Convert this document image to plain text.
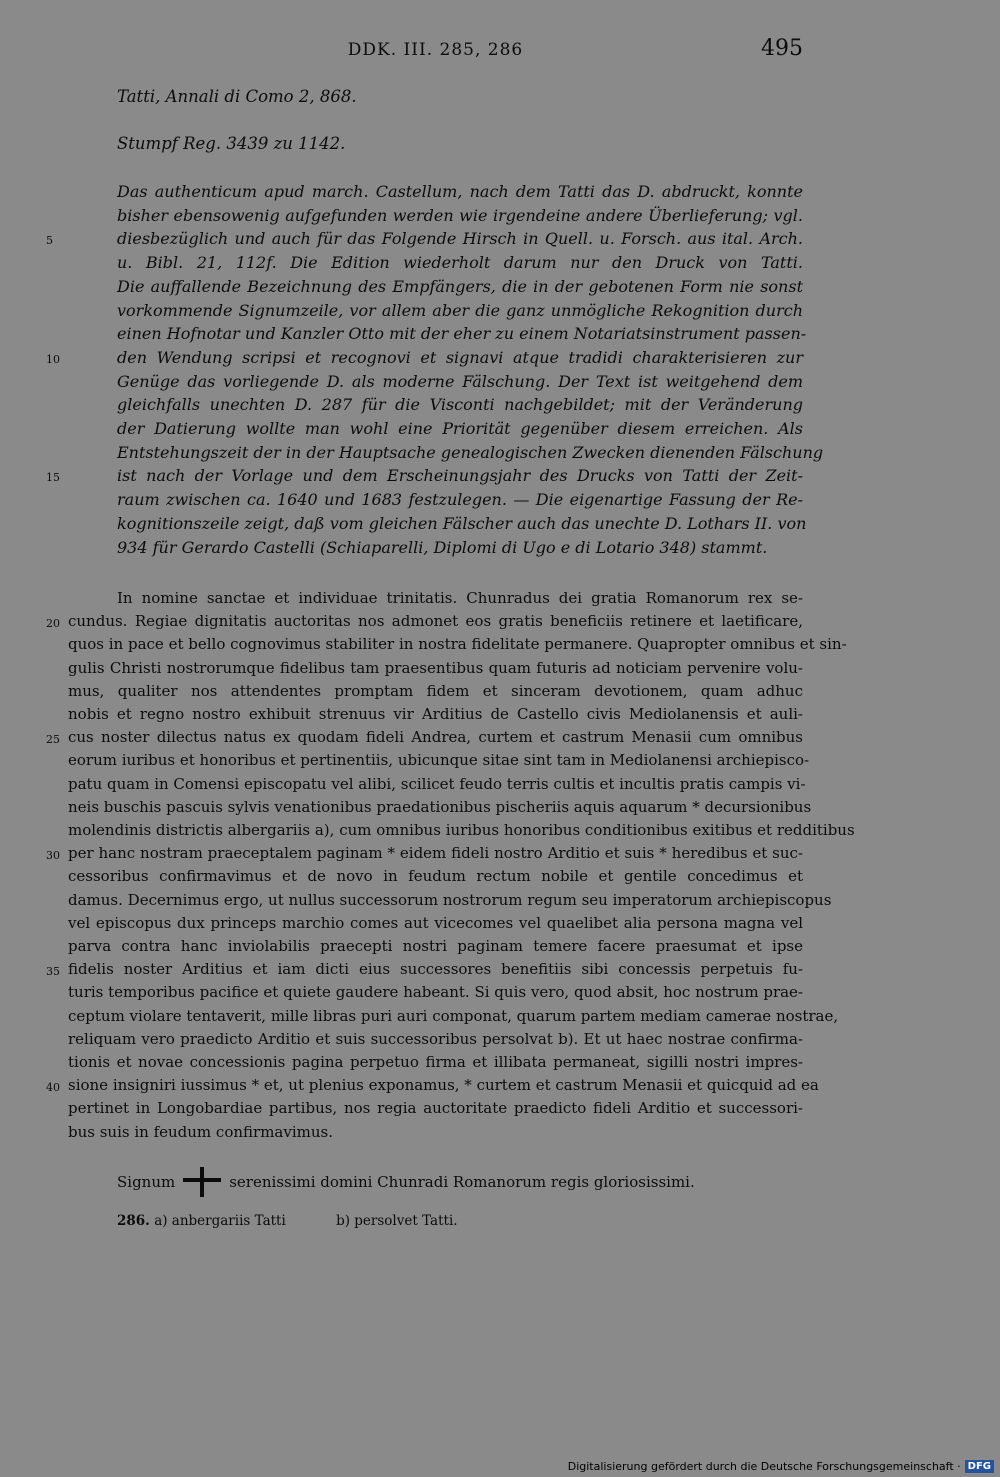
DDK. III. 285, 286	495
Tatti, Annali di Como 2, 868.
Stumpf Reg. 3439 zu 1142.
Das authenticum apud march. Castellum, nach dem Tatti das D. abdruckt, konnte
bisher ebensowenig aufgefunden werden wie irgendeine andere Überlieferung; vgl.
diesbezüglich und auch für das Folgende Hirsch in Quell. u. Forsch. aus ital. Arch.
u. Bibl. 21, 112f. Die Edition wiederholt darum nur den Druck von Tatti.
Die auffallende Bezeichnung des Empfängers, die in der gebotenen Form nie sonst
vorkommende Signumzeile, vor allem aber die ganz unmögliche Rekognition durch
einen Hofnotar und Kanzler Otto mit der eher zu einem Notariatsinstrument passen-
den Wendung scripsi et recognovi et signavi atque tradidi charakterisieren zur
Genüge das vorliegende D. als moderne Fälschung. Der Text ist weitgehend dem
gleichfalls unechten D. 287 für die Visconti nachgebildet; mit der Veränderung
der Datierung wollte man wohl eine Priorität gegenüber diesem erreichen. Als
Entstehungszeit der in der Hauptsache genealogischen Zwecken dienenden Fälschung
ist nach der Vorlage und dem Erscheinungsjahr des Drucks von Tatti der Zeit-
raum zwischen ca. 1640 und 1683 festzulegen. — Die eigenartige Fassung der Re-
kognitionszeile zeigt, daß vom gleichen Fälscher auch das unechte D. Lothars II. von
934 für Gerardo Castelli (Schiaparelli, Diplomi di Ugo e di Lotario 348) stammt.
5
10
15
In nomine sanctae et individuae trinitatis. Chunradus dei gratia Romanorum rex se-
cundus. Regiae dignitatis auctoritas nos admonet eos gratis beneficiis retinere et laetificare,
quos in pace et bello cognovimus stabiliter in nostra fidelitate permanere. Quapropter omnibus et sin-
gulis Christi nostrorumque fidelibus tam praesentibus quam futuris ad noticiam pervenire volu-
mus, qualiter nos attendentes promptam fidem et sinceram devotionem, quam adhuc
nobis et regno nostro exhibuit strenuus vir Arditius de Castello civis Mediolanensis et auli-
cus noster dilectus natus ex quodam fideli Andrea, curtem et castrum Menasii cum omnibus
eorum iuribus et honoribus et pertinentiis, ubicunque sitae sint tam in Mediolanensi archiepisco-
patu quam in Comensi episcopatu vel alibi, scilicet feudo terris cultis et incultis pratis campis vi-
neis buschis pascuis sylvis venationibus praedationibus pischeriis aquis aquarum * decursionibus
molendinis districtis albergariis a), cum omnibus iuribus honoribus conditionibus exitibus et redditibus
per hanc nostram praeceptalem paginam * eidem fideli nostro Arditio et suis * heredibus et suc-
cessoribus confirmavimus et de novo in feudum rectum nobile et gentile concedimus et
damus. Decernimus ergo, ut nullus successorum nostrorum regum seu imperatorum archiepiscopus
vel episcopus dux princeps marchio comes aut vicecomes vel quaelibet alia persona magna vel
parva contra hanc inviolabilis praecepti nostri paginam temere facere praesumat et ipse
fidelis noster Arditius et iam dicti eius successores benefitiis sibi concessis perpetuis fu-
turis temporibus pacifice et quiete gaudere habeant. Si quis vero, quod absit, hoc nostrum prae-
ceptum violare tentaverit, mille libras puri auri componat, quarum partem mediam camerae nostrae,
reliquam vero praedicto Arditio et suis successoribus persolvat b). Et ut haec nostrae confirma-
tionis et novae concessionis pagina perpetuo firma et illibata permaneat, sigilli nostri impres-
sione insigniri iussimus * et, ut plenius exponamus, * curtem et castrum Menasii et quicquid ad ea
pertinet in Longobardiae partibus, nos regia auctoritate praedicto fideli Arditio et successori-
bus suis in feudum confirmavimus.
20
25
30
35
40
Signum	serenissimi domini Chunradi Romanorum regis gloriosissimi.
286. a) anbergariis Tatti	b) persolvet Tatti.
Digitalisierung gefördert durch die Deutsche Forschungsgemeinschaft · DFG
